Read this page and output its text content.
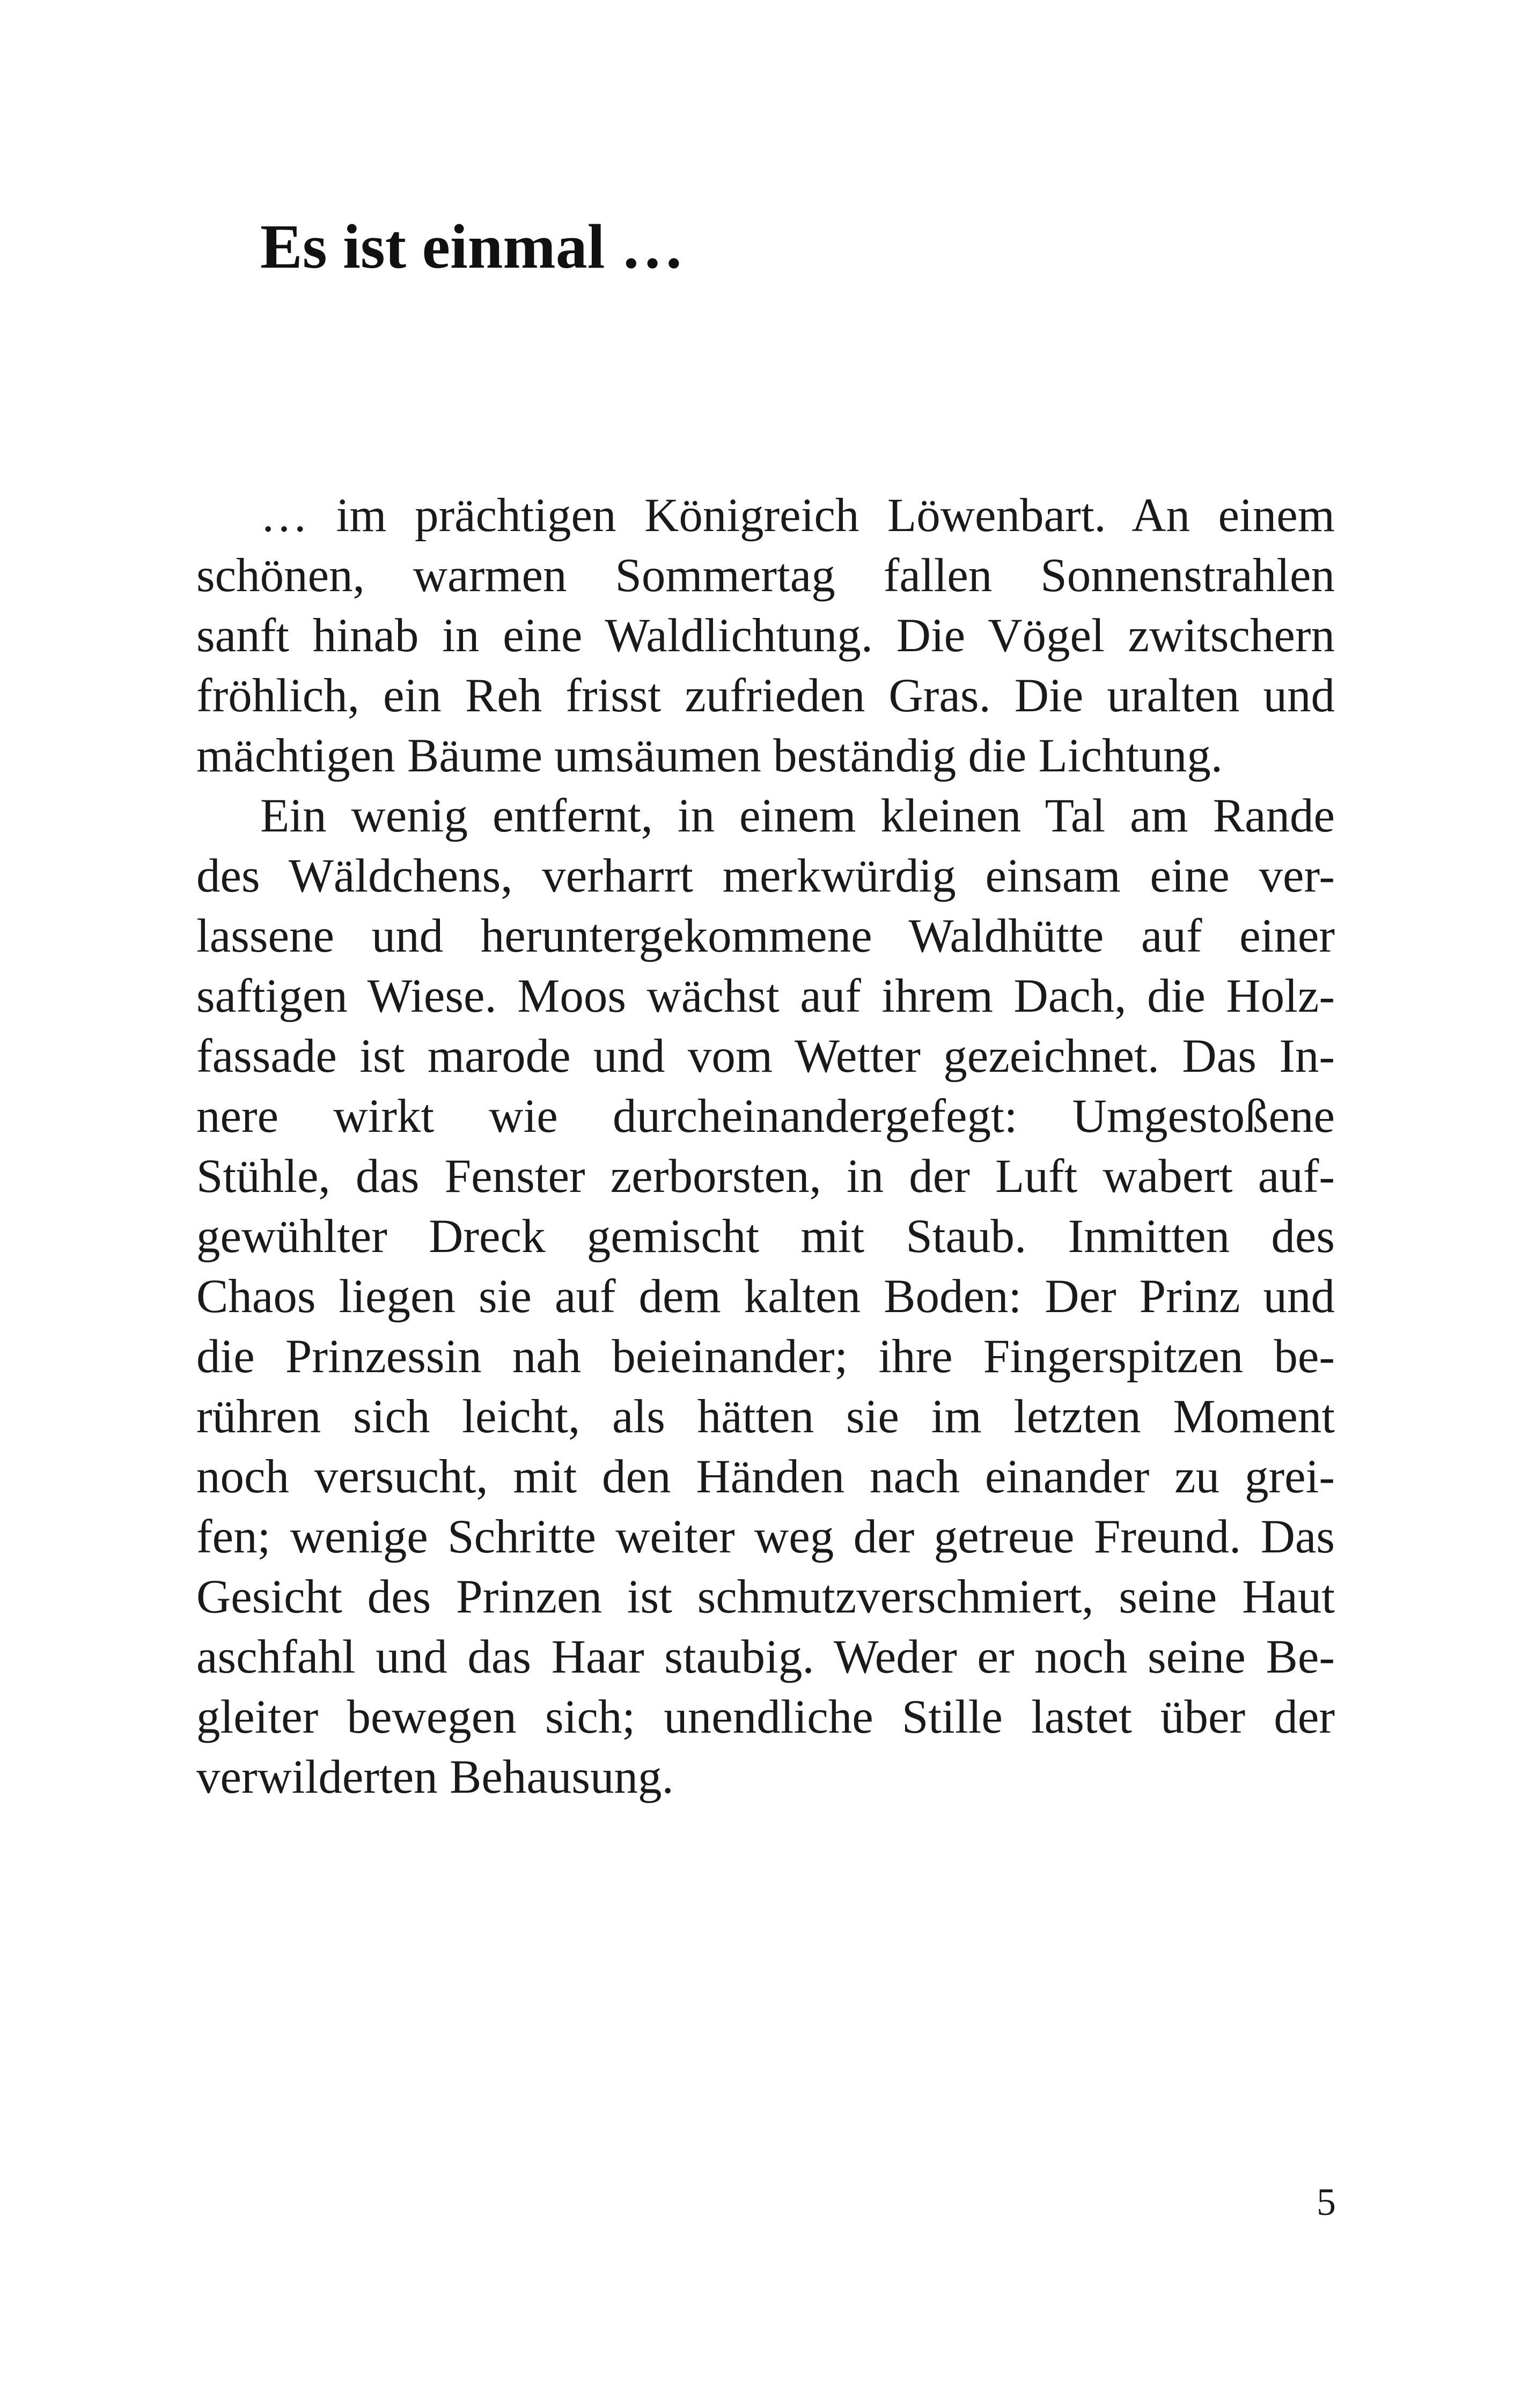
Es ist einmal …
… im prächtigen Königreich Löwenbart. An einem
schönen, warmen Sommertag fallen Sonnenstrahlen
sanft hinab in eine Waldlichtung. Die Vögel zwitschern
fröhlich, ein Reh frisst zufrieden Gras. Die uralten und
mächtigen Bäume umsäumen beständig die Lichtung.
Ein wenig entfernt, in einem kleinen Tal am Rande
des Wäldchens, verharrt merkwürdig einsam eine ver-
lassene und heruntergekommene Waldhütte auf einer
saftigen Wiese. Moos wächst auf ihrem Dach, die Holz-
fassade ist marode und vom Wetter gezeichnet. Das In-
nere wirkt wie durcheinandergefegt: Umgestoßene
Stühle, das Fenster zerborsten, in der Luft wabert auf-
gewühlter Dreck gemischt mit Staub. Inmitten des
Chaos liegen sie auf dem kalten Boden: Der Prinz und
die Prinzessin nah beieinander; ihre Fingerspitzen be-
rühren sich leicht, als hätten sie im letzten Moment
noch versucht, mit den Händen nach einander zu grei-
fen; wenige Schritte weiter weg der getreue Freund. Das
Gesicht des Prinzen ist schmutzverschmiert, seine Haut
aschfahl und das Haar staubig. Weder er noch seine Be-
gleiter bewegen sich; unendliche Stille lastet über der
verwilderten Behausung.
5
